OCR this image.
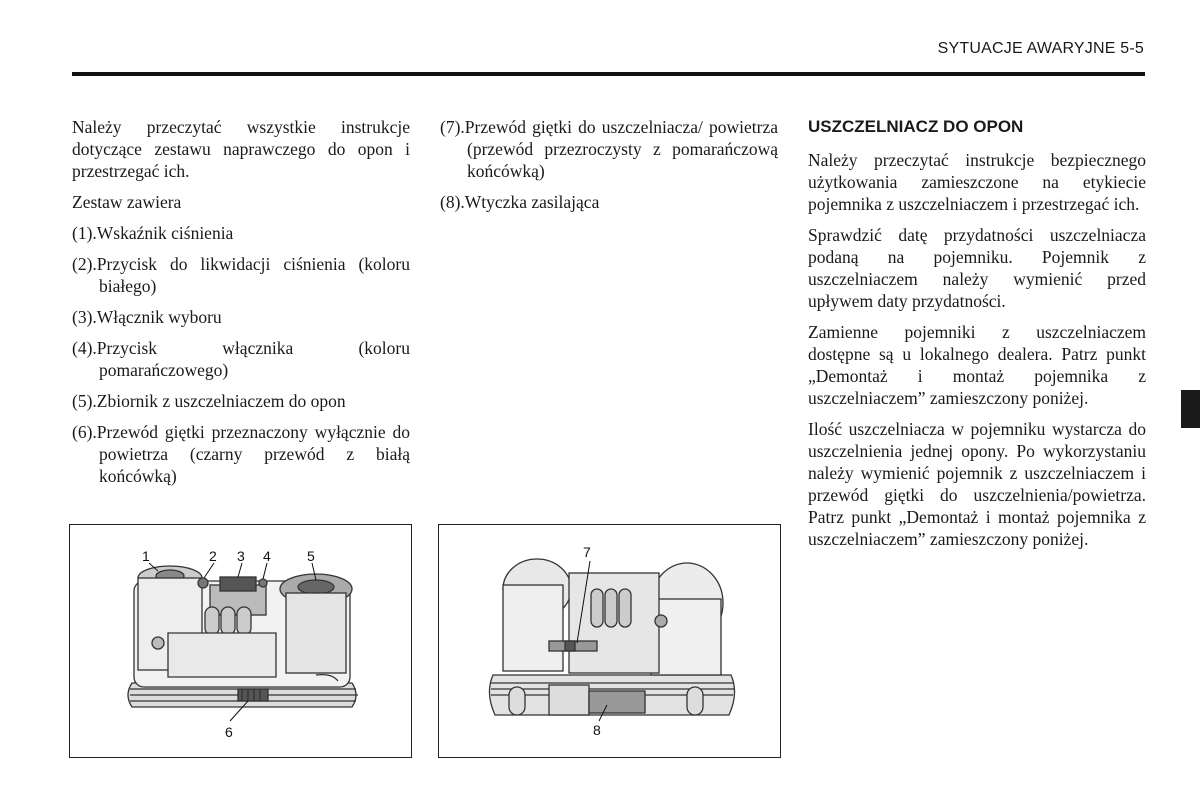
SYTUACJE AWARYJNE 5-5

Należy przeczytać wszystkie instrukcje dotyczące zestawu naprawczego do opon i przestrzegać ich.

Zestaw zawiera

(1).Wskaźnik ciśnienia

(2).Przycisk do likwidacji ciśnienia (koloru białego)

(3).Włącznik wyboru

(4).Przycisk włącznika (koloru pomarańczowego)

(5).Zbiornik z uszczelniaczem do opon

(6).Przewód giętki przeznaczony wyłącznie do powietrza (czarny przewód z białą końcówką)

(7).Przewód giętki do uszczelniacza/ powietrza (przewód przezroczysty z pomarańczową końcówką)

(8).Wtyczka zasilająca

USZCZELNIACZ DO OPON

Należy przeczytać instrukcje bezpiecznego użytkowania zamieszczone na etykiecie pojemnika z uszczelniaczem i przestrzegać ich.

Sprawdzić datę przydatności uszczelniacza podaną na pojemniku. Pojemnik z uszczelniaczem należy wymienić przed upływem daty przydatności.

Zamienne pojemniki z uszczelniaczem dostępne są u lokalnego dealera. Patrz punkt „Demontaż i montaż pojemnika z uszczelniaczem” zamieszczony poniżej.

Ilość uszczelniacza w pojemniku wystarcza do uszczelnienia jednej opony. Po wykorzystaniu należy wymienić pojemnik z uszczelniaczem i przewód giętki do uszczelnienia/powietrza. Patrz punkt „Demontaż i montaż pojemnika z uszczelniaczem” zamieszczony poniżej.

1	2 3 4	5
6
7
8
